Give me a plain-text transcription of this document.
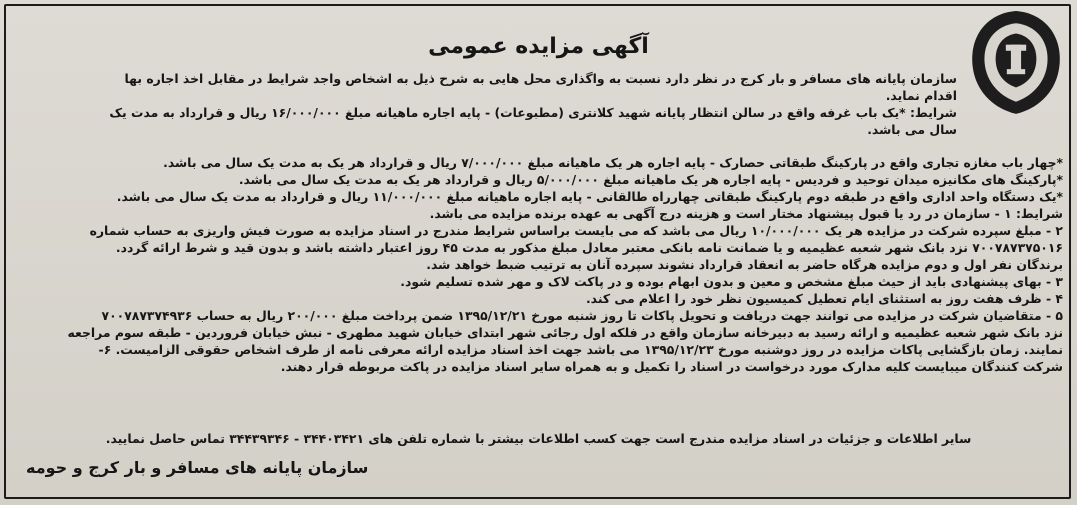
آگهی مزایده عمومی
سازمان پایانه های مسافر و بار کرج در نظر دارد نسبت به واگذاری محل هایی به شرح ذیل به اشخاص واجد شرایط در مقابل اخذ اجاره بها
اقدام نماید.
شرایط: *یک باب غرفه واقع در سالن انتظار پایانه شهید کلانتری (مطبوعات) - پایه اجاره ماهیانه مبلغ ۱۶/۰۰۰/۰۰۰ ریال و قرارداد به مدت یک
سال می باشد.
*چهار باب مغازه تجاری واقع در پارکینگ طبقاتی حصارک - پایه اجاره هر یک ماهیانه مبلغ ۷/۰۰۰/۰۰۰ ریال و قرارداد هر یک به مدت یک سال می باشد.
*پارکینگ های مکانیزه میدان توحید و فردیس - پایه اجاره هر یک ماهیانه مبلغ ۵/۰۰۰/۰۰۰ ریال و قرارداد هر یک به مدت یک سال می باشد.
*یک دستگاه واحد اداری واقع در طبقه دوم پارکینگ طبقاتی چهارراه طالقانی - پایه اجاره ماهیانه مبلغ ۱۱/۰۰۰/۰۰۰ ریال و قرارداد به مدت یک سال می باشد.
شرایط: ۱ - سازمان در رد یا قبول پیشنهاد مختار است و هزینه درج آگهی به عهده برنده مزایده می باشد.
۲ - مبلغ سپرده شرکت در مزایده هر یک ۱۰/۰۰۰/۰۰۰ ریال می باشد که می بایست براساس شرایط مندرج در اسناد مزایده به صورت فیش واریزی به حساب شماره
۷۰۰۷۸۷۳۷۵۰۱۶ نزد بانک شهر شعبه عظیمیه و یا ضمانت نامه بانکی معتبر معادل مبلغ مذکور به مدت ۴۵ روز اعتبار داشته باشد و بدون قید و شرط ارائه گردد.
برندگان نفر اول و دوم مزایده هرگاه حاضر به انعقاد قرارداد نشوند سپرده آنان به ترتیب ضبط خواهد شد.
۳ - بهای پیشنهادی باید از حیث مبلغ مشخص و معین و بدون ابهام بوده و در پاکت لاک و مهر شده تسلیم شود.
۴ - ظرف هفت روز به استثنای ایام تعطیل کمیسیون نظر خود را اعلام می کند.
۵ - متقاضیان شرکت در مزایده می توانند جهت دریافت و تحویل پاکات تا روز شنبه مورخ ۱۳۹۵/۱۲/۲۱ ضمن پرداخت مبلغ ۲۰۰/۰۰۰ ریال به حساب ۷۰۰۷۸۷۳۷۴۹۳۶
نزد بانک شهر شعبه عظیمیه و ارائه رسید به دبیرخانه سازمان واقع در فلکه اول رجائی شهر ابتدای خیابان شهید مطهری - نبش خیابان فروردین - طبقه سوم مراجعه
نمایند. زمان بازگشایی پاکات مزایده در روز دوشنبه مورخ ۱۳۹۵/۱۲/۲۳ می باشد جهت اخذ اسناد مزایده ارائه معرفی نامه از طرف اشخاص حقوقی الزامیست. ۶-
شرکت کنندگان میبایست کلیه مدارک مورد درخواست در اسناد را تکمیل و به همراه سایر اسناد مزایده در پاکت مربوطه قرار دهند.
سایر اطلاعات و جزئیات در اسناد مزایده مندرج است جهت کسب اطلاعات بیشتر با شماره تلفن های ۳۴۴۰۳۴۲۱ - ۳۴۴۳۹۳۴۶ تماس حاصل نمایید.
سازمان پایانه های مسافر و بار کرج و حومه
